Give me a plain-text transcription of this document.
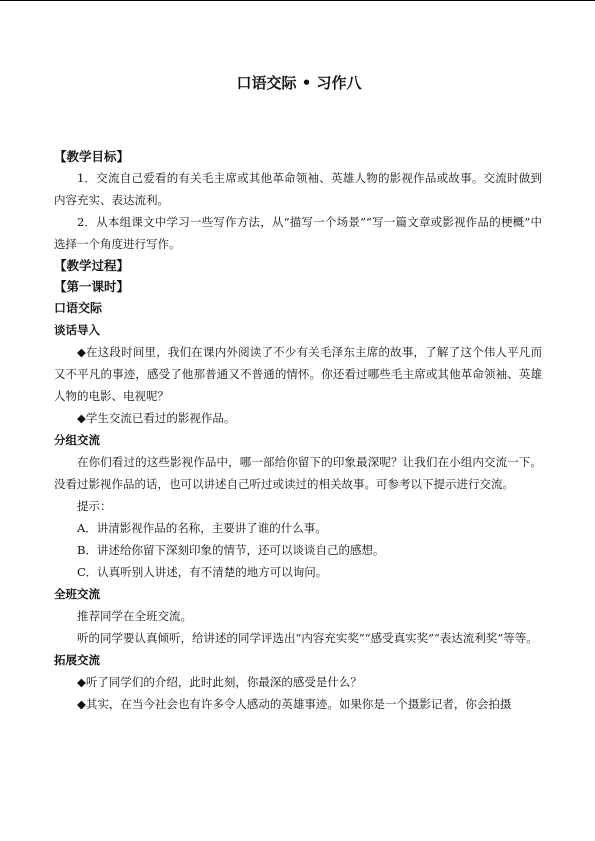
口语交际 • 习作八
【教学目标】

1．交流自己爱看的有关毛主席或其他革命领袖、英雄人物的影视作品或故事。交流时做到内容充实、表达流利。

2．从本组课文中学习一些写作方法，从“描写一个场景”“写一篇文章或影视作品的梗概”中选择一个角度进行写作。

【教学过程】
【第一课时】
口语交际
谈话导入

◆在这段时间里，我们在课内外阅读了不少有关毛泽东主席的故事，了解了这个伟人平凡而又不平凡的事迹，感受了他那普通又不普通的情怀。你还看过哪些毛主席或其他革命领袖、英雄人物的电影、电视呢？

◆学生交流已看过的影视作品。

分组交流

在你们看过的这些影视作品中，哪一部给你留下的印象最深呢？让我们在小组内交流一下。没看过影视作品的话，也可以讲述自己听过或读过的相关故事。可参考以下提示进行交流。

提示：

A．讲清影视作品的名称，主要讲了谁的什么事。

B．讲述给你留下深刻印象的情节，还可以谈谈自己的感想。

C．认真听别人讲述，有不清楚的地方可以询问。

全班交流

推荐同学在全班交流。

听的同学要认真倾听，给讲述的同学评选出“内容充实奖”“感受真实奖”“表达流利奖”等等。

拓展交流

◆听了同学们的介绍，此时此刻，你最深的感受是什么？

◆其实，在当今社会也有许多令人感动的英雄事迹。如果你是一个摄影记者，你会拍摄
